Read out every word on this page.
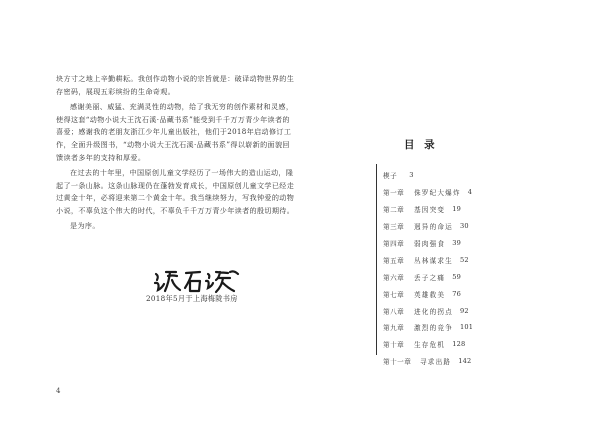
块方寸之地上辛勤耕耘。我创作动物小说的宗旨就是：破译动物世界的生存密码，展现五彩缤纷的生命奇观。

感谢美丽、威猛、充满灵性的动物，给了我无穷的创作素材和灵感，使得这套“动物小说大王沈石溪·品藏书系”能受到千千万万青少年读者的喜爱；感谢我的老朋友浙江少年儿童出版社，他们于2018年启动修订工作，全面升级图书，“动物小说大王沈石溪·品藏书系”得以崭新的面貌回馈读者多年的支持和厚爱。

在过去的十年里，中国原创儿童文学经历了一场伟大的造山运动，隆起了一条山脉。这条山脉现仍在蓬勃发育成长，中国原创儿童文学已经走过黄金十年，必将迎来第二个黄金十年。我当继续努力，写我钟爱的动物小说，不辜负这个伟大的时代，不辜负千千万万青少年读者的殷切期待。

是为序。

2018年5月于上海梅陇书房
4
目 录
楔子 3
第一章	侏罗纪大爆炸 4
第二章	基因突变 19
第三章	迥异的命运 30
第四章	弱肉强食 39
第五章	丛林谋求生 52
第六章	丢子之痛 59
第七章	英雄救美 76
第八章	进化的拐点 92
第九章	激烈的竞争 101
第十章	生存危机 128
第十一章	寻求出路 142
